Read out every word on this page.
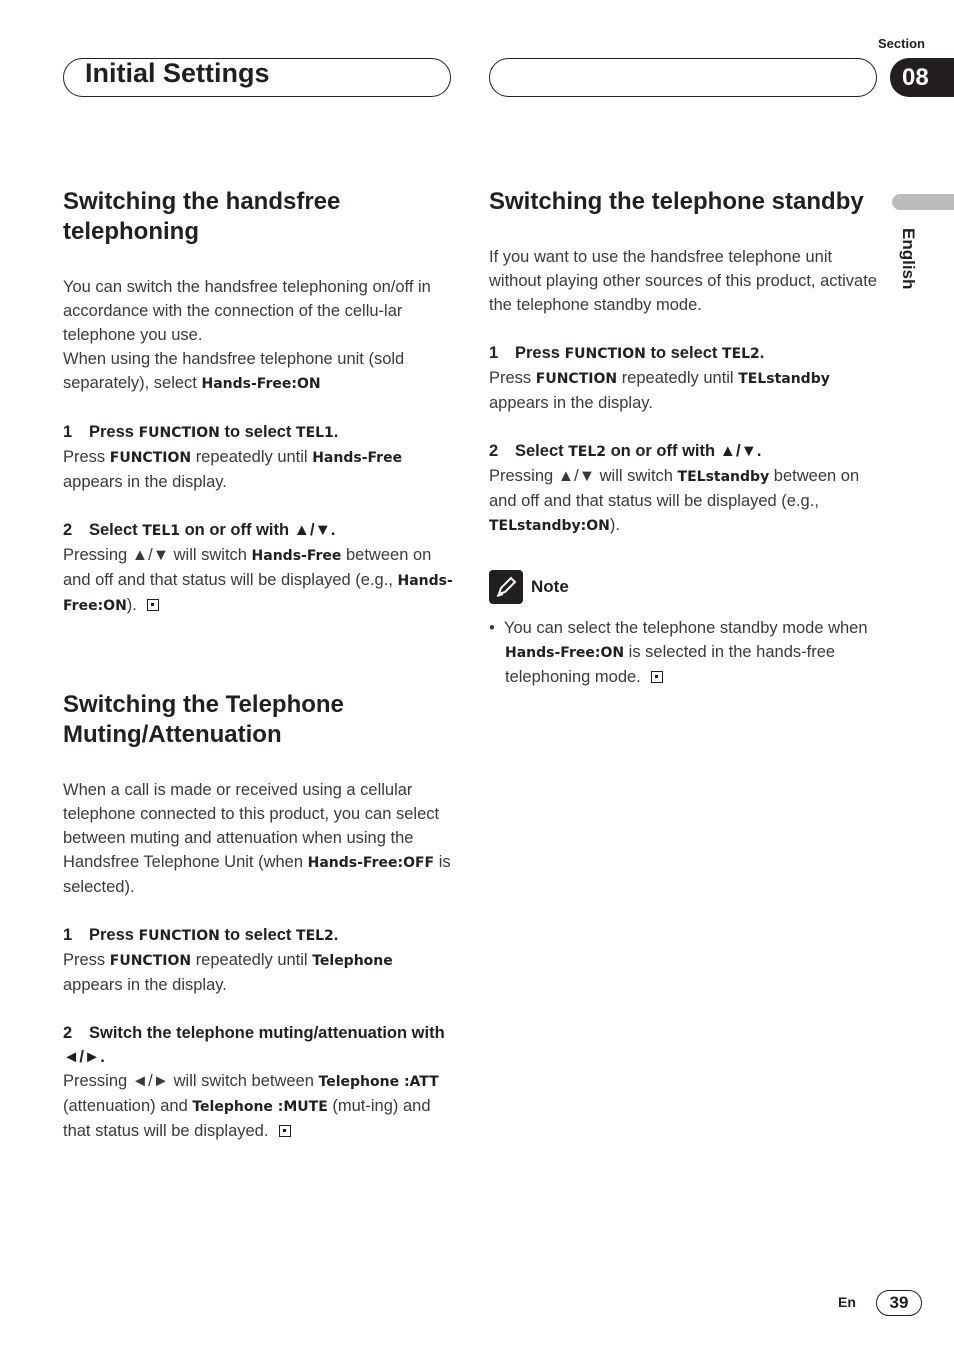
Initial Settings
Section
08
English
Switching the handsfree telephoning

You can switch the handsfree telephoning on/off in accordance with the connection of the cellu-lar telephone you use.

When using the handsfree telephone unit (sold separately), select Hands-Free:ON

1 Press FUNCTION to select TEL1.

Press FUNCTION repeatedly until Hands-Free appears in the display.

2 Select TEL1 on or off with ▲/▼.

Pressing ▲/▼ will switch Hands-Free between on and off and that status will be displayed (e.g., Hands-Free:ON).

Switching the Telephone Muting/Attenuation

When a call is made or received using a cellular telephone connected to this product, you can select between muting and attenuation when using the Handsfree Telephone Unit (when Hands-Free:OFF is selected).

1 Press FUNCTION to select TEL2.

Press FUNCTION repeatedly until Telephone appears in the display.

2 Switch the telephone muting/attenuation with ◄/►.

Pressing ◄/► will switch between Telephone :ATT (attenuation) and Telephone :MUTE (mut-ing) and that status will be displayed.

Switching the telephone standby

If you want to use the handsfree telephone unit without playing other sources of this product, activate the telephone standby mode.

1 Press FUNCTION to select TEL2.

Press FUNCTION repeatedly until TELstandby appears in the display.

2 Select TEL2 on or off with ▲/▼.

Pressing ▲/▼ will switch TELstandby between on and off and that status will be displayed (e.g., TELstandby:ON).

Note

• You can select the telephone standby mode when Hands-Free:ON is selected in the hands-free telephoning mode.

En	39
